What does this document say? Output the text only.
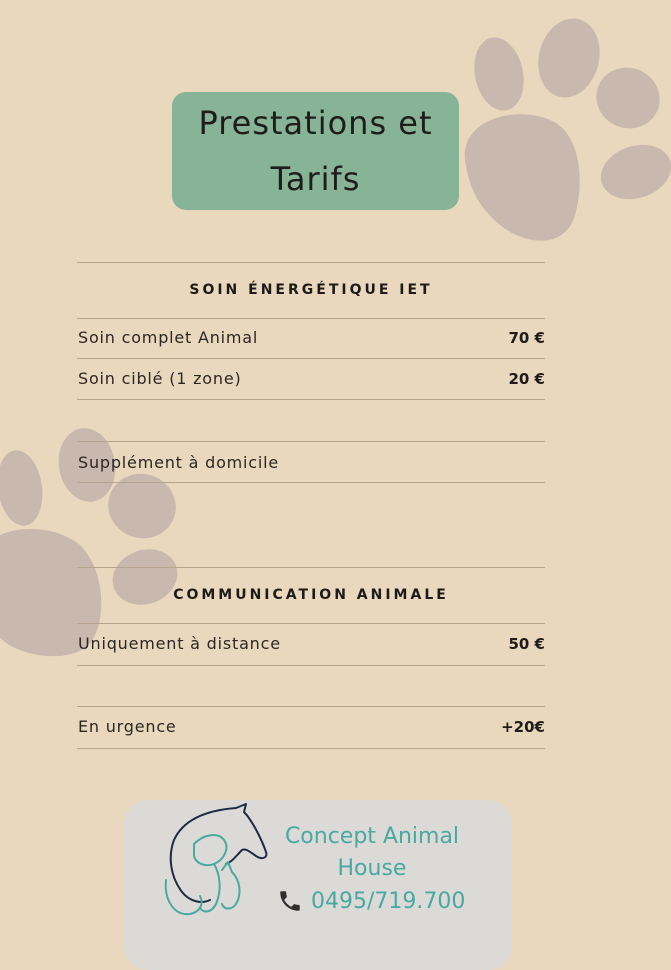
Prestations et
Tarifs
SOIN ÉNERGÉTIQUE IET
Soin complet Animal	70 €
Soin ciblé (1 zone)	20 €
Supplément à domicile
COMMUNICATION ANIMALE
Uniquement à distance	50 €
En urgence	+20€
Concept Animal
House
0495/719.700
